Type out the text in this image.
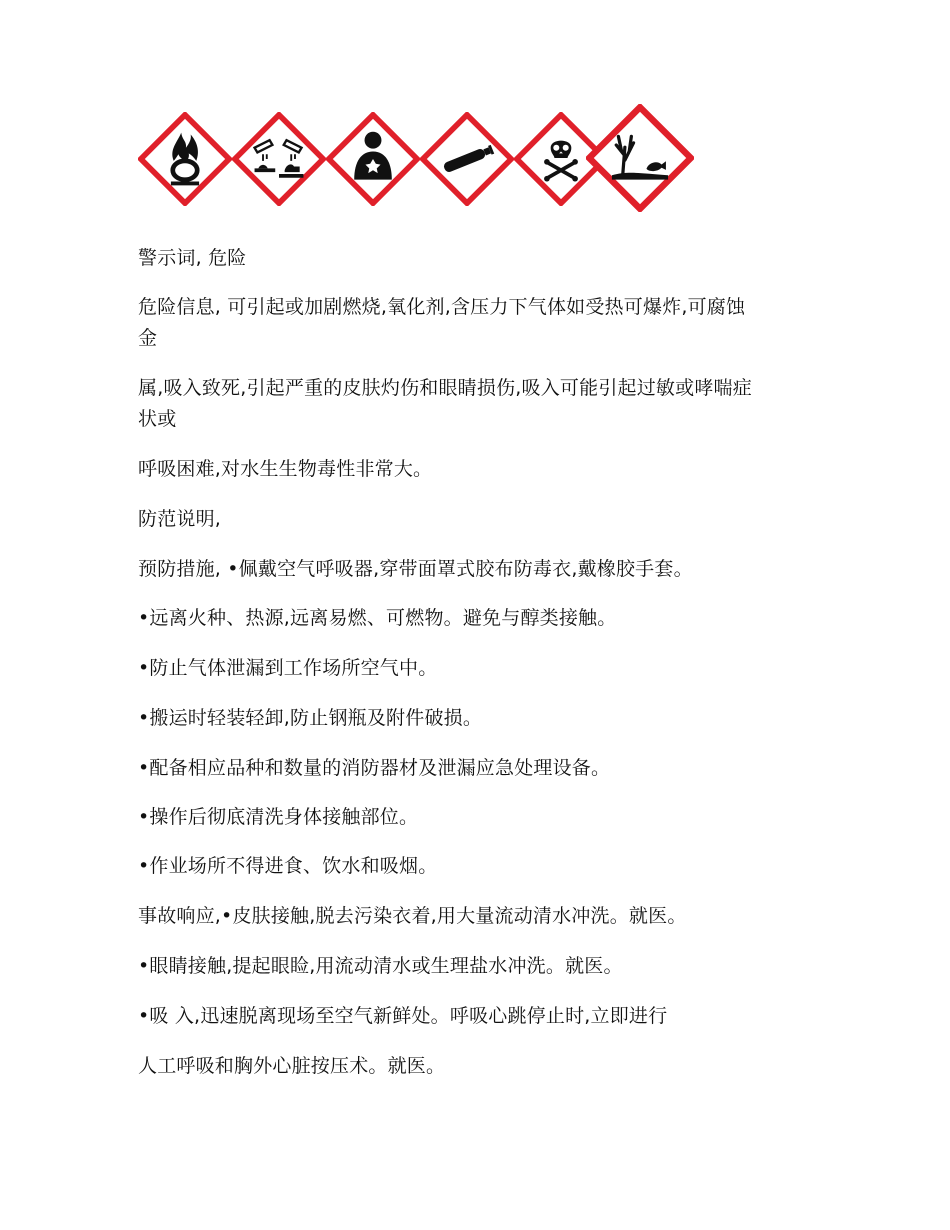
警示词, 危险
危险信息, 可引起或加剧燃烧,氧化剂,含压力下气体如受热可爆炸,可腐蚀
金
属,吸入致死,引起严重的皮肤灼伤和眼睛损伤,吸入可能引起过敏或哮喘症
状或
呼吸困难,对水生生物毒性非常大。
防范说明,
预防措施, •佩戴空气呼吸器,穿带面罩式胶布防毒衣,戴橡胶手套。
•远离火种、热源,远离易燃、可燃物。避免与醇类接触。
•防止气体泄漏到工作场所空气中。
•搬运时轻装轻卸,防止钢瓶及附件破损。
•配备相应品种和数量的消防器材及泄漏应急处理设备。
•操作后彻底清洗身体接触部位。
•作业场所不得进食、饮水和吸烟。
事故响应,•皮肤接触,脱去污染衣着,用大量流动清水冲洗。就医。
•眼睛接触,提起眼睑,用流动清水或生理盐水冲洗。就医。
•吸 入,迅速脱离现场至空气新鲜处。呼吸心跳停止时,立即进行
人工呼吸和胸外心脏按压术。就医。
